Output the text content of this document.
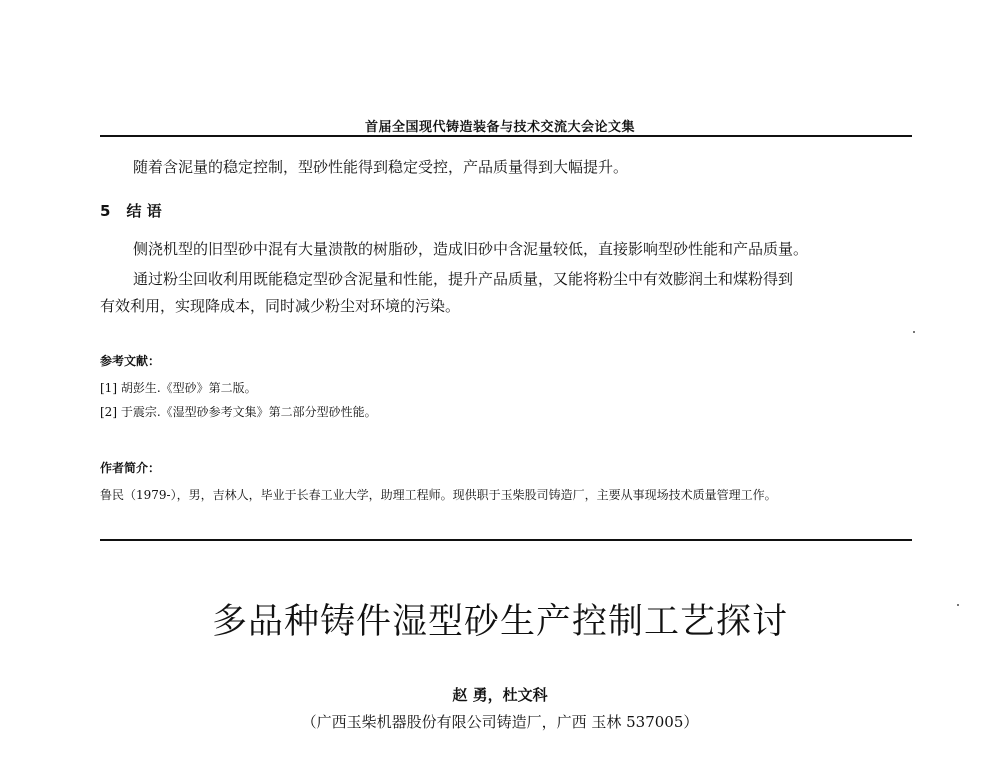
首届全国现代铸造装备与技术交流大会论文集
随着含泥量的稳定控制，型砂性能得到稳定受控，产品质量得到大幅提升。
5 结 语
侧浇机型的旧型砂中混有大量溃散的树脂砂，造成旧砂中含泥量较低，直接影响型砂性能和产品质量。
通过粉尘回收利用既能稳定型砂含泥量和性能，提升产品质量，又能将粉尘中有效膨润土和煤粉得到
有效利用，实现降成本，同时减少粉尘对环境的污染。
参考文献：
[1] 胡彭生.《型砂》第二版。
[2] 于震宗.《湿型砂参考文集》第二部分型砂性能。
作者简介：
鲁民（1979-），男，吉林人，毕业于长春工业大学，助理工程师。现供职于玉柴股司铸造厂，主要从事现场技术质量管理工作。
多品种铸件湿型砂生产控制工艺探讨
赵 勇，杜文科
（广西玉柴机器股份有限公司铸造厂，广西 玉林 537005）
